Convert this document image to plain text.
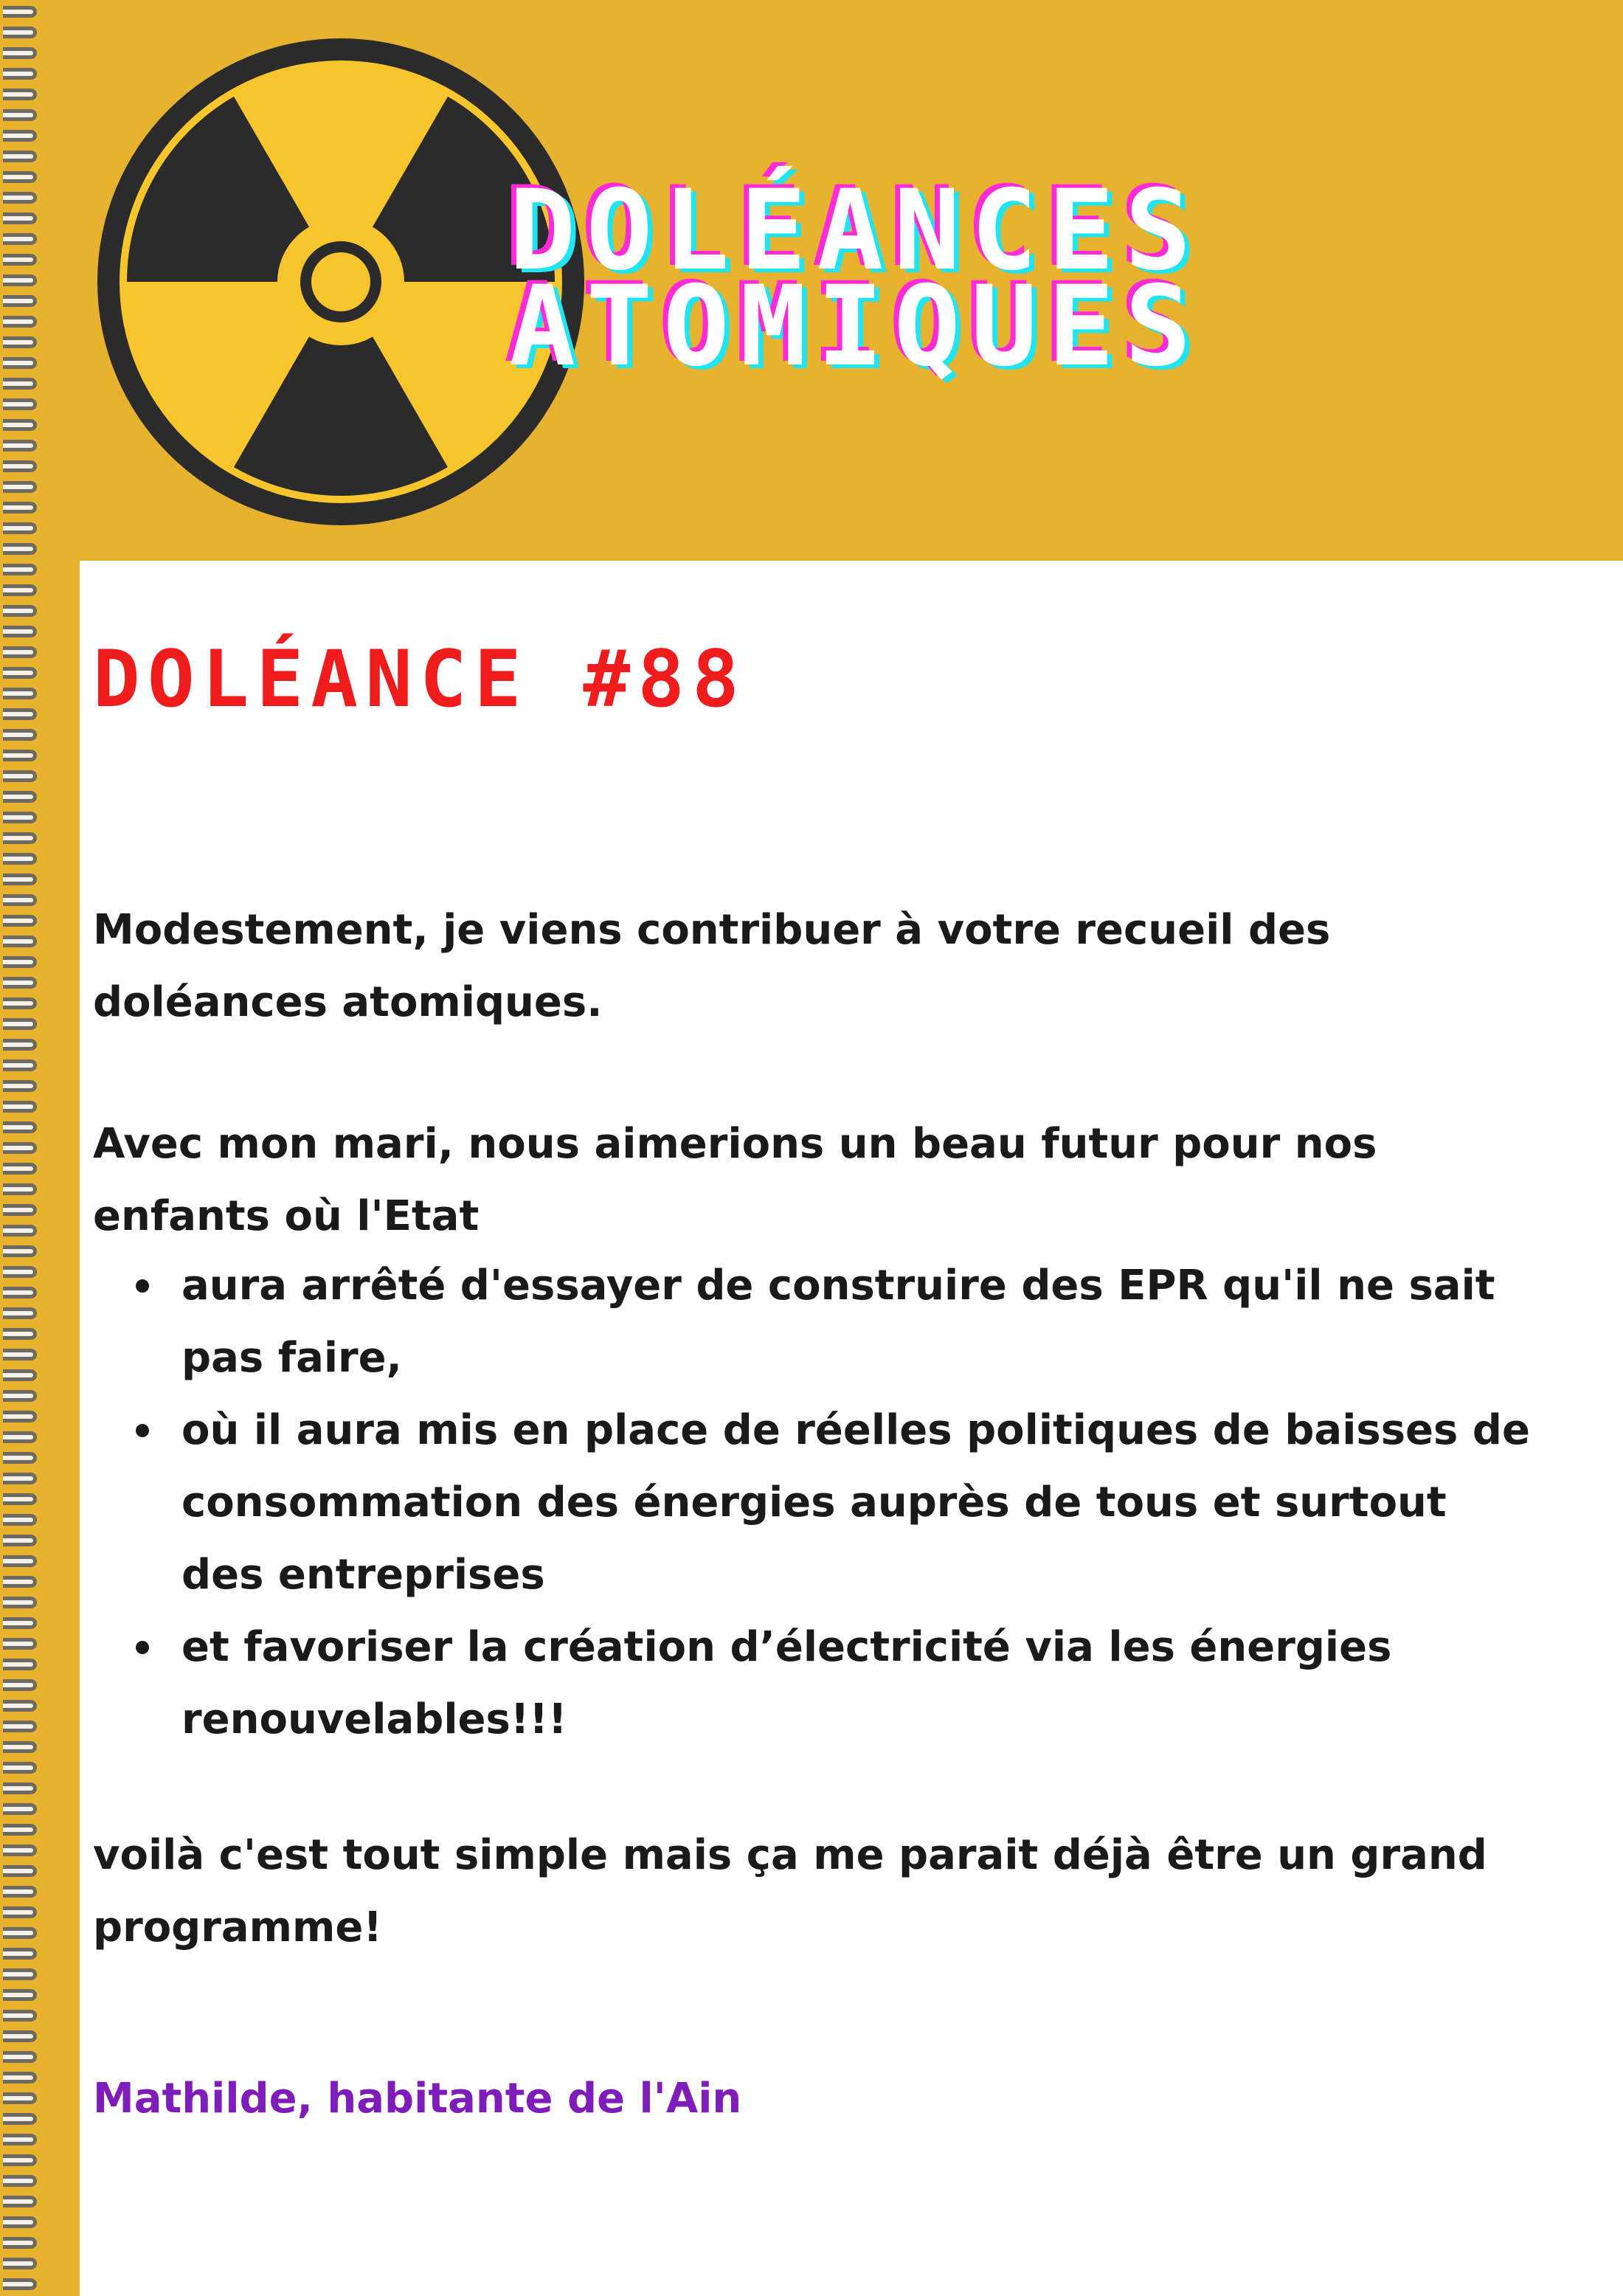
DOLÉANCES
ATOMIQUES
DOLÉANCE #88

Modestement, je viens contribuer à votre recueil des doléances atomiques.

Avec mon mari, nous aimerions un beau futur pour nos enfants où l'Etat

aura arrêté d'essayer de construire des EPR qu'il ne sait pas faire,
où il aura mis en place de réelles politiques de baisses de consommation des énergies auprès de tous et surtout des entreprises
et favoriser la création d’électricité via les énergies renouvelables!!!

voilà c'est tout simple mais ça me parait déjà être un grand programme!

Mathilde, habitante de l'Ain
